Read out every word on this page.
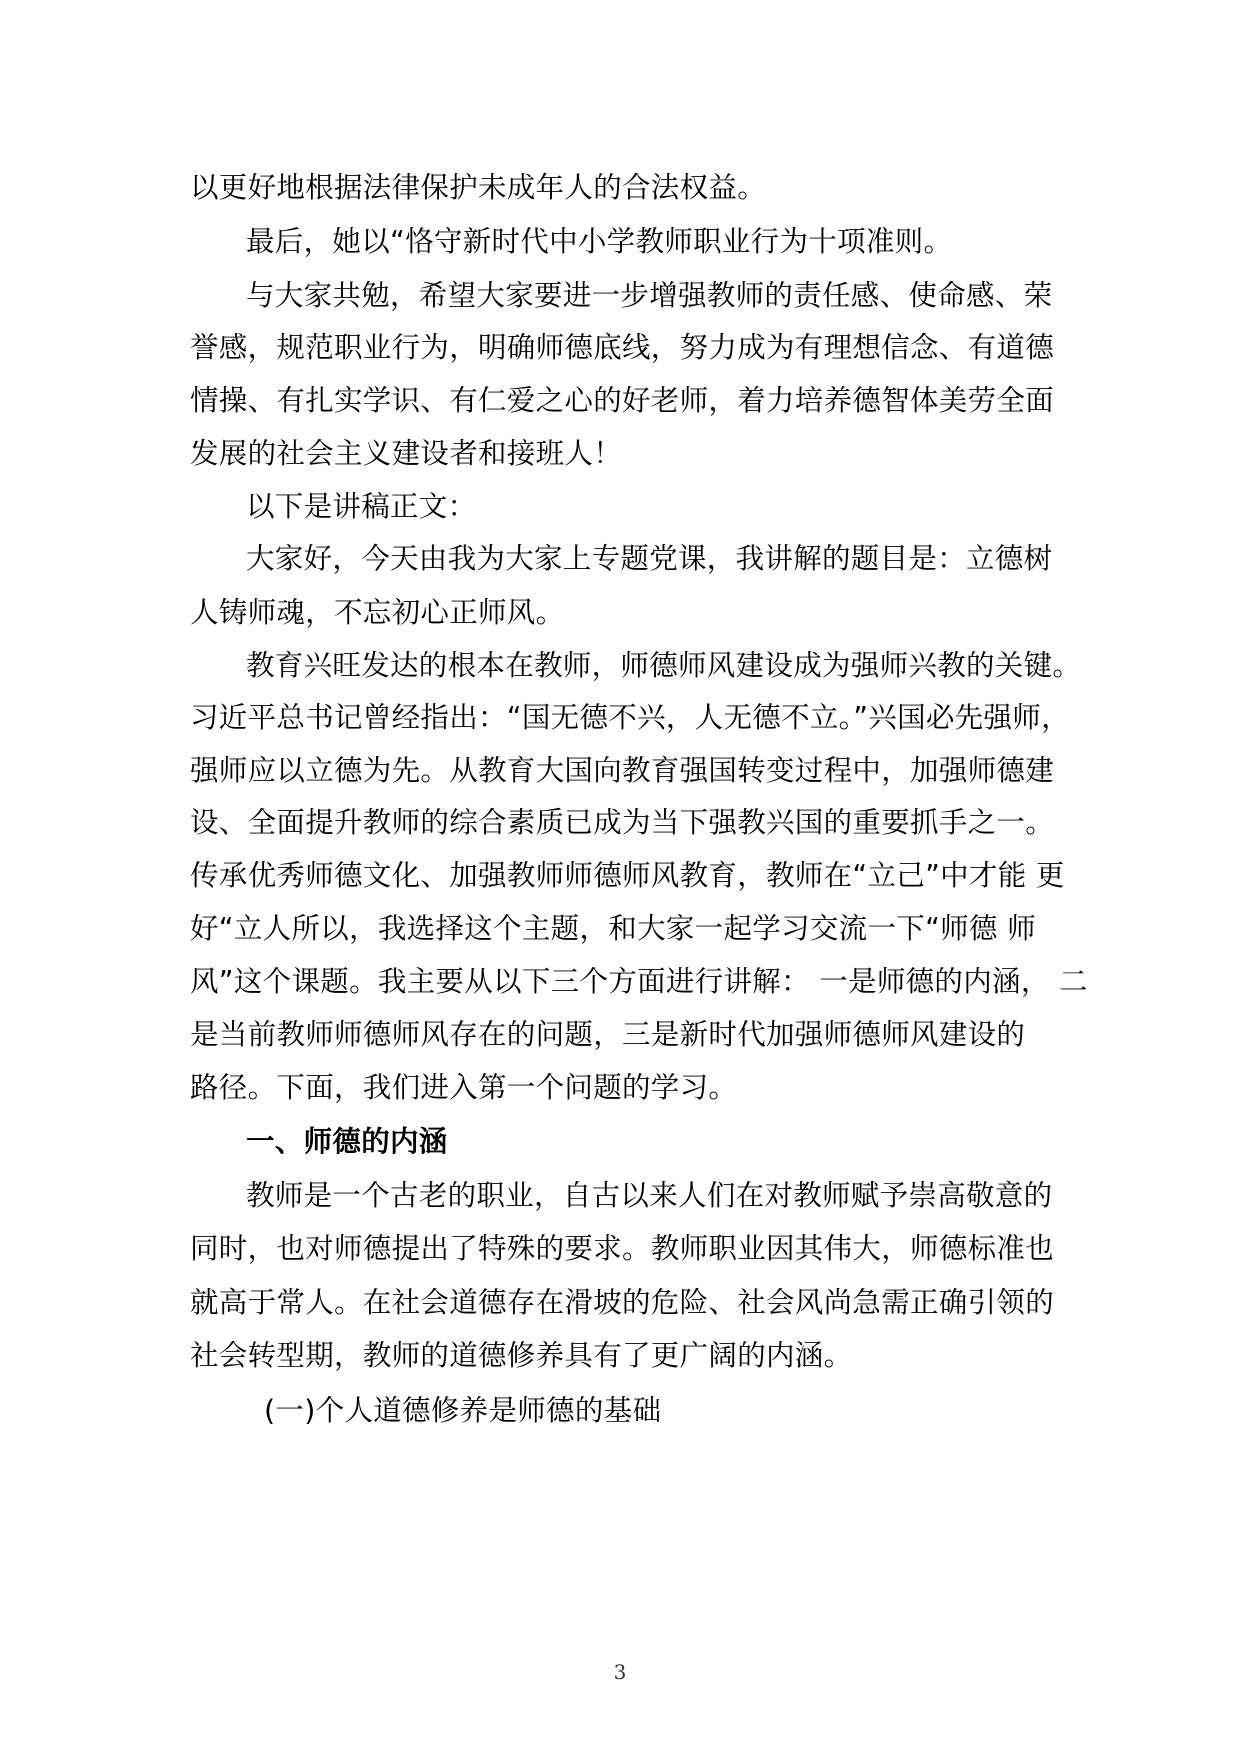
以更好地根据法律保护未成年人的合法权益。
最后，她以“恪守新时代中小学教师职业行为十项准则。
与大家共勉，希望大家要进一步增强教师的责任感、使命感、荣
誉感，规范职业行为，明确师德底线，努力成为有理想信念、有道德
情操、有扎实学识、有仁爱之心的好老师，着力培养德智体美劳全面
发展的社会主义建设者和接班人！
以下是讲稿正文：
大家好，今天由我为大家上专题党课，我讲解的题目是：立德树
人铸师魂，不忘初心正师风。
教育兴旺发达的根本在教师，师德师风建设成为强师兴教的关键。
习近平总书记曾经指出：“国无德不兴，人无德不立。”兴国必先强师，
强师应以立德为先。从教育大国向教育强国转变过程中，加强师德建
设、全面提升教师的综合素质已成为当下强教兴国的重要抓手之一。
传承优秀师德文化、加强教师师德师风教育，教师在“立己”中才能 更
好“立人所以，我选择这个主题，和大家一起学习交流一下“师德 师
风”这个课题。我主要从以下三个方面进行讲解： 一是师德的内涵， 二
是当前教师师德师风存在的问题，三是新时代加强师德师风建设的
路径。下面，我们进入第一个问题的学习。
一、师德的内涵
教师是一个古老的职业，自古以来人们在对教师赋予崇高敬意的
同时，也对师德提出了特殊的要求。教师职业因其伟大，师德标准也
就高于常人。在社会道德存在滑坡的危险、社会风尚急需正确引领的
社会转型期，教师的道德修养具有了更广阔的内涵。
(一)个人道德修养是师德的基础
3
